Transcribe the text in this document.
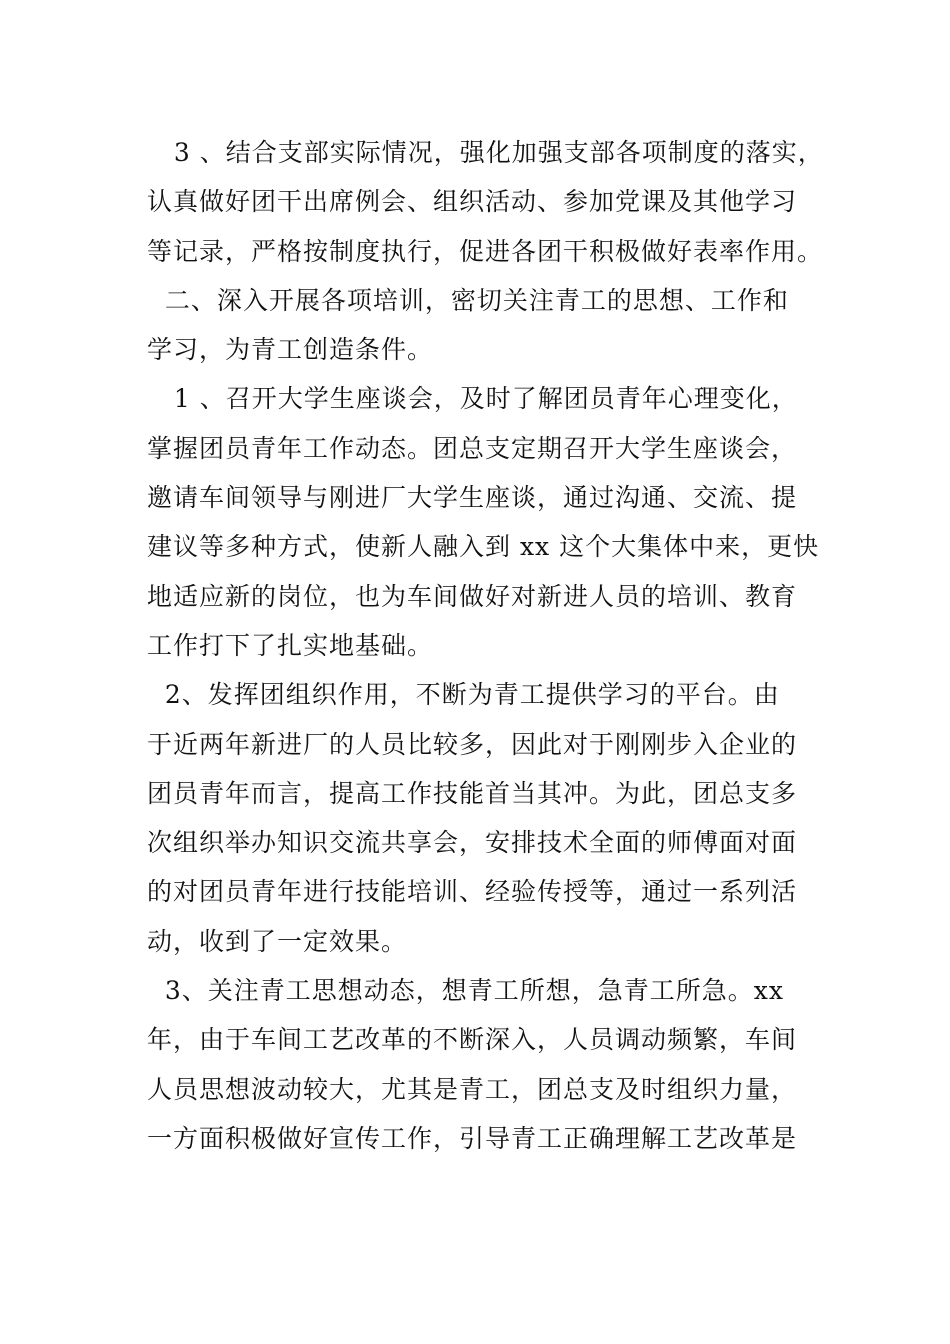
3 、结合支部实际情况，强化加强支部各项制度的落实，
认真做好团干出席例会、组织活动、参加党课及其他学习
等记录，严格按制度执行，促进各团干积极做好表率作用。
二、深入开展各项培训，密切关注青工的思想、工作和
学习，为青工创造条件。
1 、召开大学生座谈会，及时了解团员青年心理变化，
掌握团员青年工作动态。团总支定期召开大学生座谈会，
邀请车间领导与刚进厂大学生座谈，通过沟通、交流、提
建议等多种方式，使新人融入到 xx 这个大集体中来，更快
地适应新的岗位，也为车间做好对新进人员的培训、教育
工作打下了扎实地基础。
2、发挥团组织作用，不断为青工提供学习的平台。由
于近两年新进厂的人员比较多，因此对于刚刚步入企业的
团员青年而言，提高工作技能首当其冲。为此，团总支多
次组织举办知识交流共享会，安排技术全面的师傅面对面
的对团员青年进行技能培训、经验传授等，通过一系列活
动，收到了一定效果。
3、关注青工思想动态，想青工所想，急青工所急。xx
年，由于车间工艺改革的不断深入，人员调动频繁，车间
人员思想波动较大，尤其是青工，团总支及时组织力量，
一方面积极做好宣传工作，引导青工正确理解工艺改革是
